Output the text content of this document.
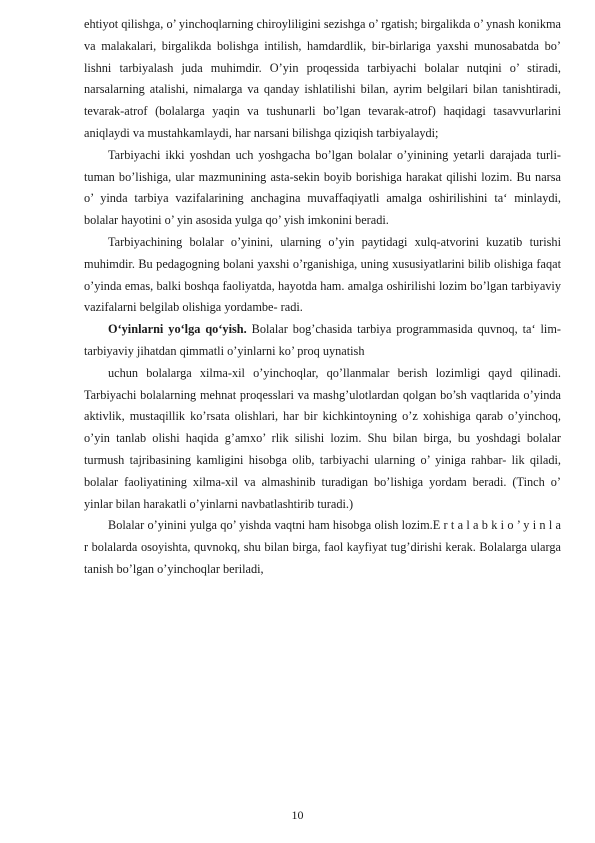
ehtiyot qilishga, o’ yinchoqlarning chiroyliligini sezishga o’ rgatish; birgalikda o’ ynash konikma va malakalari, birgalikda bolishga intilish, hamdardlik, bir-birlariga yaxshi munosabatda bo’ lishni tarbiyalash juda muhimdir. O’yin proqessida tarbiyachi bolalar nutqini o’ stiradi, narsalarning atalishi, nimalarga va qanday ishlatilishi bilan, ayrim belgilari bilan tanishtiradi, tevarak-atrof (bolalarga yaqin va tushunarli bo’lgan tevarak-atrof) haqidagi tasavvurlarini aniqlaydi va mustahkamlaydi, har narsani bilishga qiziqish tarbiyalaydi;

Tarbiyachi ikki yoshdan uch yoshgacha bo’lgan bolalar o’yinining yetarli darajada turli-tuman bo’lishiga, ular mazmunining asta-sekin boyib borishiga harakat qilishi lozim. Bu narsa o’ yinda tarbiya vazifalarining anchagina muvaffaqiyatli amalga oshirilishini ta‘ minlaydi, bolalar hayotini o’ yin asosida yulga qo’ yish imkonini beradi.

Tarbiyachining bolalar o’yinini, ularning o’yin paytidagi xulq-atvorini kuzatib turishi muhimdir. Bu pedagogning bolani yaxshi o’rganishiga, uning xususiyatlarini bilib olishiga faqat o’yinda emas, balki boshqa faoliyatda, hayotda ham. amalga oshirilishi lozim bo’lgan tarbiyaviy vazifalarni belgilab olishiga yordambe- radi.

O‘yinlarni yo‘lga qo‘yish. Bolalar bog’chasida tarbiya programmasida quvnoq, ta‘ lim-tarbiyaviy jihatdan qimmatli o’yinlarni ko’ proq uynatish

uchun bolalarga xilma-xil o’yinchoqlar, qo’llanmalar berish lozimligi qayd qilinadi. Tarbiyachi bolalarning mehnat proqesslari va mashg’ulotlardan qolgan bo’sh vaqtlarida o’yinda aktivlik, mustaqillik ko’rsata olishlari, har bir kichkintoyning o’z xohishiga qarab o’yinchoq, o’yin tanlab olishi haqida g’amxo’ rlik silishi lozim. Shu bilan birga, bu yoshdagi bolalar turmush tajribasining kamligini hisobga olib, tarbiyachi ularning o’ yiniga rahbar- lik qiladi, bolalar faoliyatining xilma-xil va almashinib turadigan bo’lishiga yordam beradi. (Tinch o’ yinlar bilan harakatli o’yinlarni navbatlashtirib turadi.)

Bolalar o’yinini yulga qo’ yishda vaqtni ham hisobga olish lozim.E r t a l a b k i o ’ y i n l a r bolalarda osoyishta, quvnokq, shu bilan birga, faol kayfiyat tug’dirishi kerak. Bolalarga ularga tanish bo’lgan o’yinchoqlar beriladi,

10
